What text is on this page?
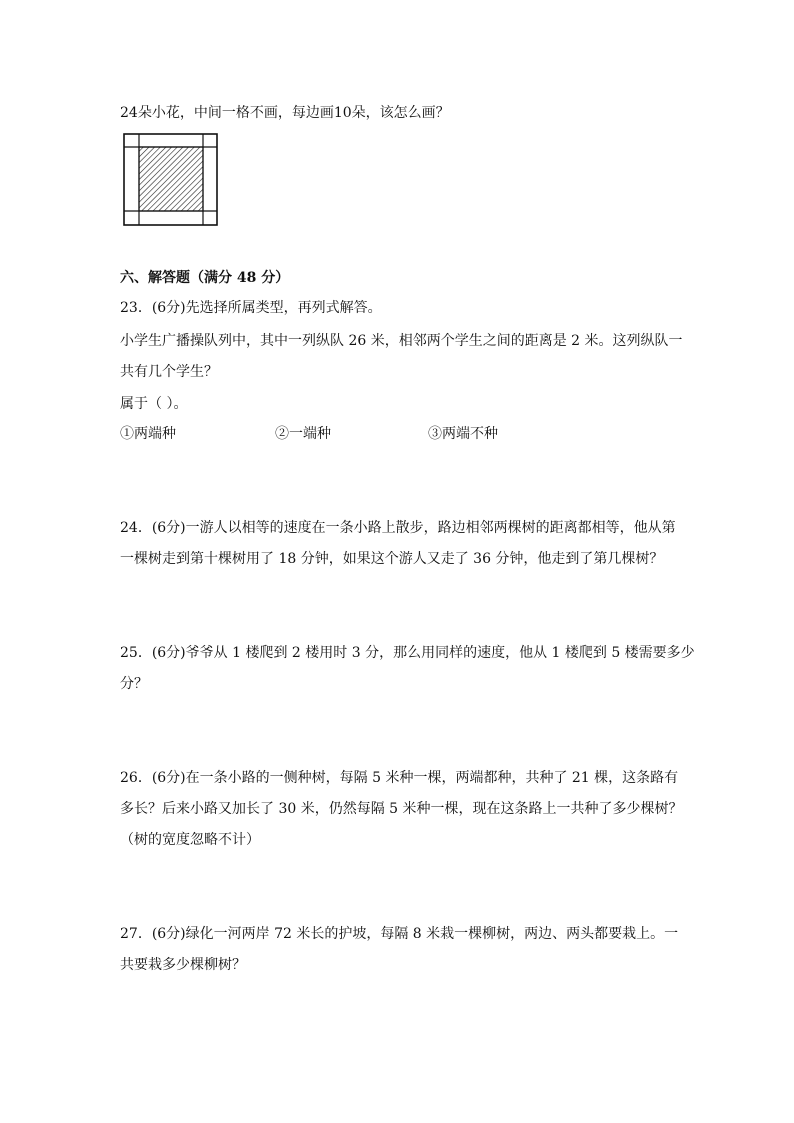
24朵小花，中间一格不画，每边画10朵，该怎么画？
六、解答题（满分 48 分）
23．(6分)先选择所属类型，再列式解答。
小学生广播操队列中，其中一列纵队 26 米，相邻两个学生之间的距离是 2 米。这列纵队一
共有几个学生？
属于（ ）。
①两端种	②一端种	③两端不种
24．(6分)一游人以相等的速度在一条小路上散步，路边相邻两棵树的距离都相等，他从第
一棵树走到第十棵树用了 18 分钟，如果这个游人又走了 36 分钟，他走到了第几棵树？
25．(6分)爷爷从 1 楼爬到 2 楼用时 3 分，那么用同样的速度，他从 1 楼爬到 5 楼需要多少
分？
26．(6分)在一条小路的一侧种树，每隔 5 米种一棵，两端都种，共种了 21 棵，这条路有
多长？后来小路又加长了 30 米，仍然每隔 5 米种一棵，现在这条路上一共种了多少棵树？
（树的宽度忽略不计）
27．(6分)绿化一河两岸 72 米长的护坡，每隔 8 米栽一棵柳树，两边、两头都要栽上。一
共要栽多少棵柳树？
